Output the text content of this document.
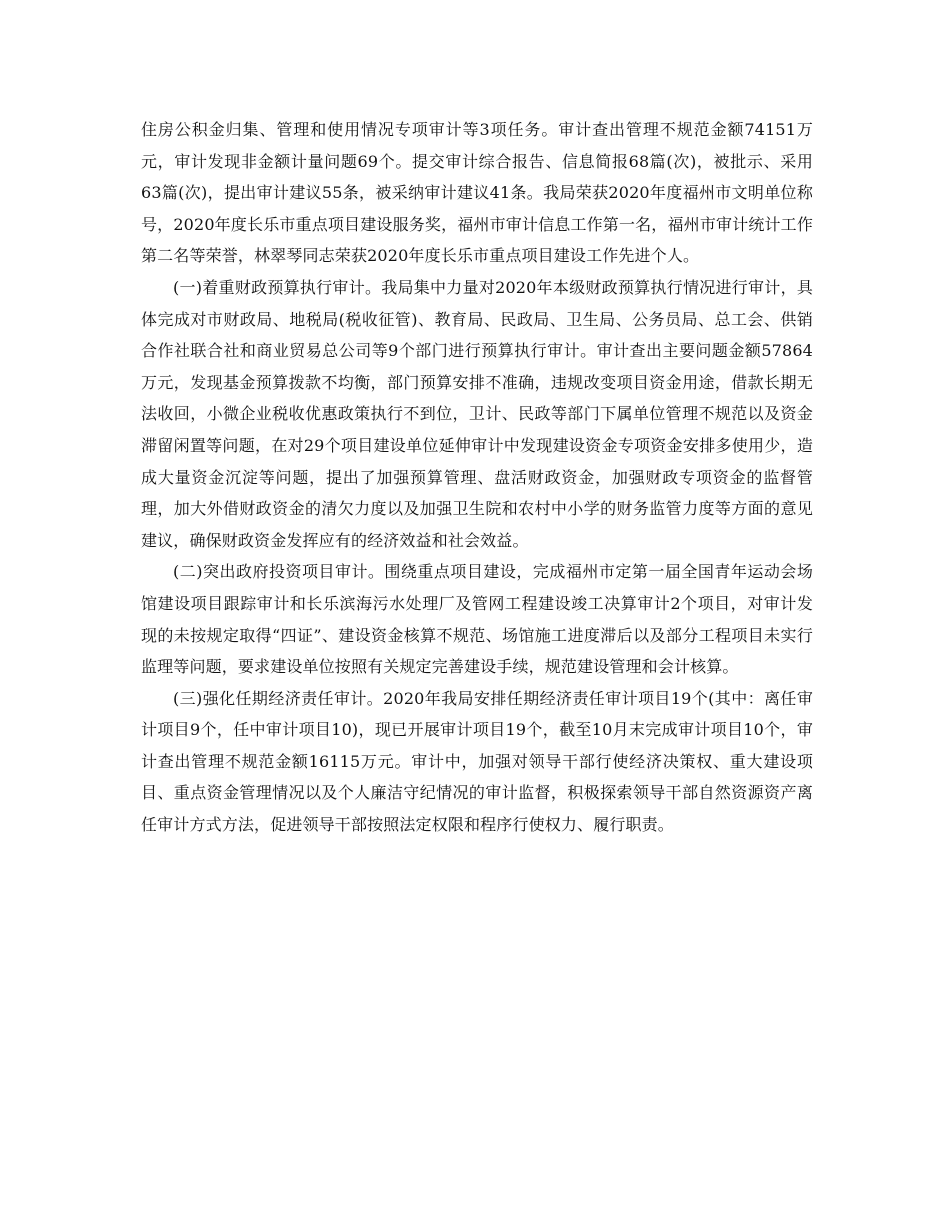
住房公积金归集、管理和使用情况专项审计等3项任务。审计查出管理不规范金额74151万元，审计发现非金额计量问题69个。提交审计综合报告、信息简报68篇(次)，被批示、采用63篇(次)，提出审计建议55条，被采纳审计建议41条。我局荣获2020年度福州市文明单位称号，2020年度长乐市重点项目建设服务奖，福州市审计信息工作第一名，福州市审计统计工作第二名等荣誉，林翠琴同志荣获2020年度长乐市重点项目建设工作先进个人。

(一)着重财政预算执行审计。我局集中力量对2020年本级财政预算执行情况进行审计，具体完成对市财政局、地税局(税收征管)、教育局、民政局、卫生局、公务员局、总工会、供销合作社联合社和商业贸易总公司等9个部门进行预算执行审计。审计查出主要问题金额57864万元，发现基金预算拨款不均衡，部门预算安排不准确，违规改变项目资金用途，借款长期无法收回，小微企业税收优惠政策执行不到位，卫计、民政等部门下属单位管理不规范以及资金滞留闲置等问题，在对29个项目建设单位延伸审计中发现建设资金专项资金安排多使用少，造成大量资金沉淀等问题，提出了加强预算管理、盘活财政资金，加强财政专项资金的监督管理，加大外借财政资金的清欠力度以及加强卫生院和农村中小学的财务监管力度等方面的意见建议，确保财政资金发挥应有的经济效益和社会效益。

(二)突出政府投资项目审计。围绕重点项目建设，完成福州市定第一届全国青年运动会场馆建设项目跟踪审计和长乐滨海污水处理厂及管网工程建设竣工决算审计2个项目，对审计发现的未按规定取得“四证”、建设资金核算不规范、场馆施工进度滞后以及部分工程项目未实行监理等问题，要求建设单位按照有关规定完善建设手续，规范建设管理和会计核算。

(三)强化任期经济责任审计。2020年我局安排任期经济责任审计项目19个(其中：离任审计项目9个，任中审计项目10)，现已开展审计项目19个，截至10月末完成审计项目10个，审计查出管理不规范金额16115万元。审计中，加强对领导干部行使经济决策权、重大建设项目、重点资金管理情况以及个人廉洁守纪情况的审计监督，积极探索领导干部自然资源资产离任审计方式方法，促进领导干部按照法定权限和程序行使权力、履行职责。
